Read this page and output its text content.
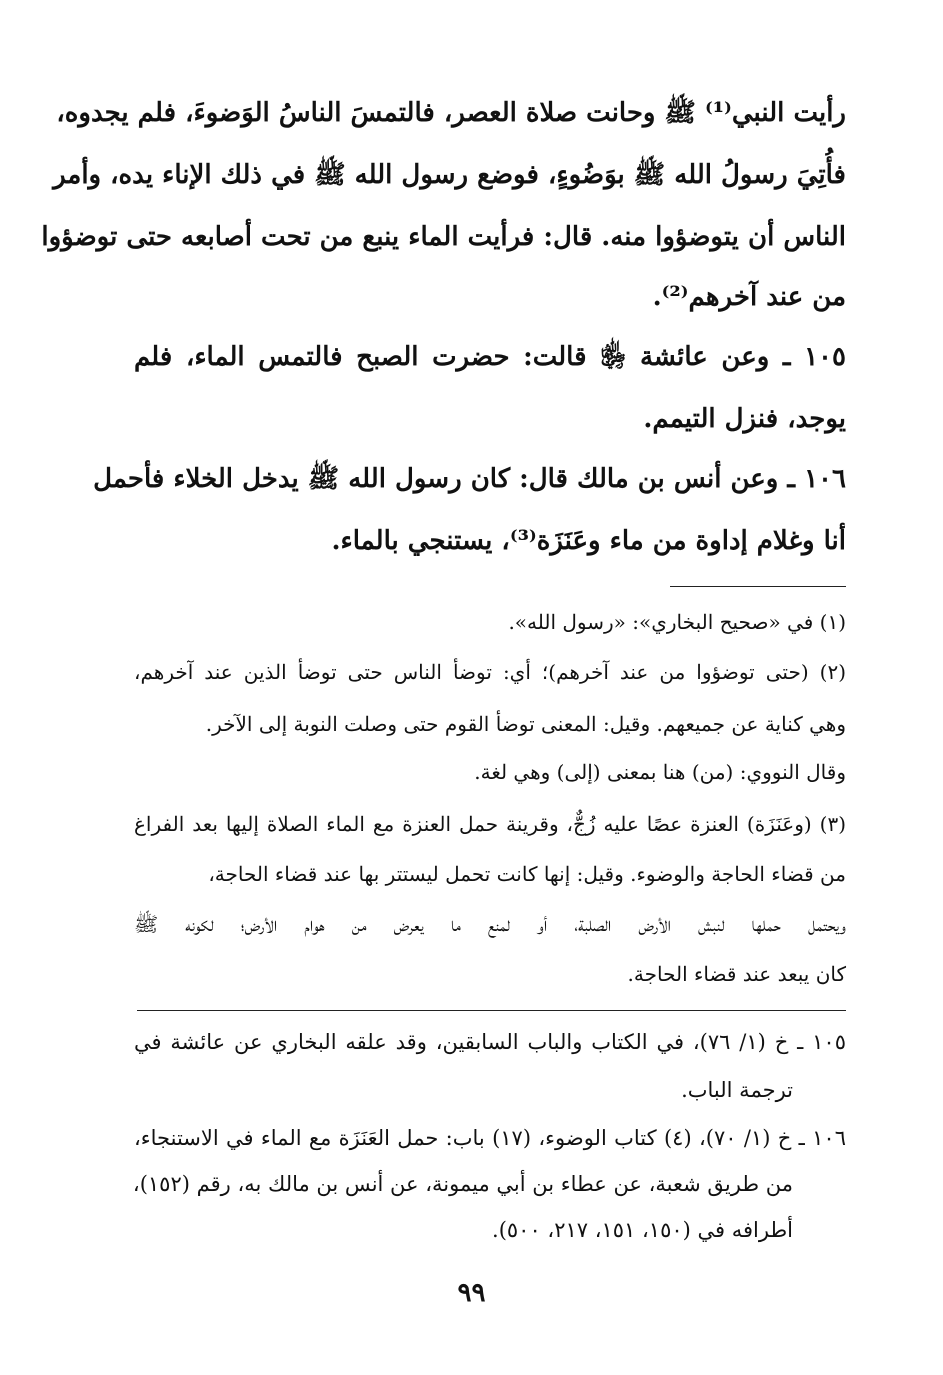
رأيت النبي⁽¹⁾ ﷺ وحانت صلاة العصر، فالتمسَ الناسُ الوَضوءَ، فلم يجدوه،
فأُتِيَ رسولُ الله ﷺ بوَضُوءٍ، فوضع رسول الله ﷺ في ذلك الإناء يده، وأمر
الناس أن يتوضؤوا منه. قال: فرأيت الماء ينبع من تحت أصابعه حتى توضؤوا
من عند آخرهم⁽²⁾.
١٠٥ ـ وعن عائشة ﵂ قالت: حضرت الصبح فالتمس الماء، فلم
يوجد، فنزل التيمم.
١٠٦ ـ وعن أنس بن مالك قال: كان رسول الله ﷺ يدخل الخلاء فأحمل
أنا وغلام إداوة من ماء وعَنَزَة⁽³⁾، يستنجي بالماء.
(١) في «صحيح البخاري»: «رسول الله».
(٢) (حتى توضؤوا من عند آخرهم)؛ أي: توضأ الناس حتى توضأ الذين عند آخرهم،
وهي كناية عن جميعهم. وقيل: المعنى توضأ القوم حتى وصلت النوبة إلى الآخر.
وقال النووي: (من) هنا بمعنى (إلى) وهي لغة.
(٣) (وعَنَزَة) العنزة عصًا عليه زُجٌّ، وقرينة حمل العنزة مع الماء الصلاة إليها بعد الفراغ
من قضاء الحاجة والوضوء. وقيل: إنها كانت تحمل ليستتر بها عند قضاء الحاجة،
ويحتمل حملها لنبش الأرض الصلبة، أو لمنع ما يعرض من هوام الأرض؛ لكونه ﷺ
كان يبعد عند قضاء الحاجة.
١٠٥ ـ خ (١/ ٧٦)، في الكتاب والباب السابقين، وقد علقه البخاري عن عائشة في
ترجمة الباب.
١٠٦ ـ خ (١/ ٧٠)، (٤) كتاب الوضوء، (١٧) باب: حمل العَنَزَة مع الماء في الاستنجاء،
من طريق شعبة، عن عطاء بن أبي ميمونة، عن أنس بن مالك به، رقم (١٥٢)،
أطرافه في (١٥٠، ١٥١، ٢١٧، ٥٠٠).
٩٩
